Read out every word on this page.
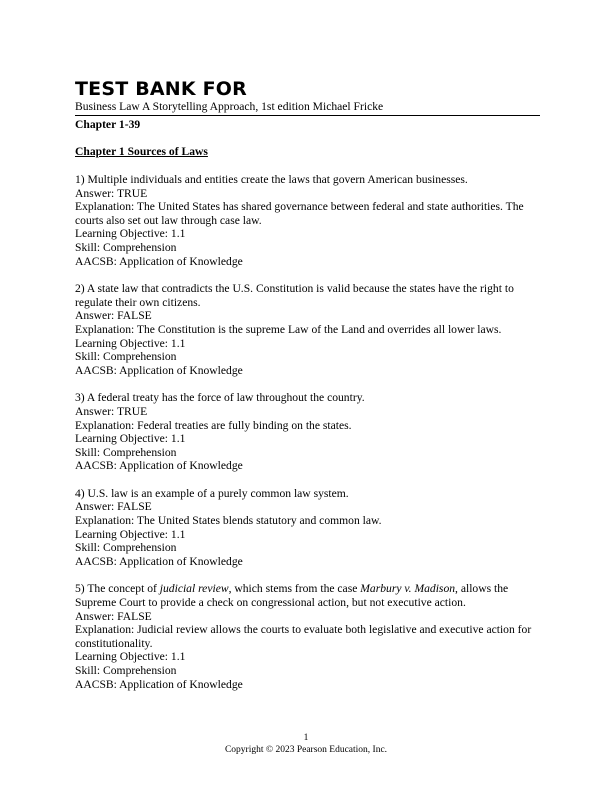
TEST BANK FOR
Business Law A Storytelling Approach, 1st edition Michael Fricke
Chapter 1-39
Chapter 1 Sources of Laws
1) Multiple individuals and entities create the laws that govern American businesses.
Answer: TRUE
Explanation: The United States has shared governance between federal and state authorities. The courts also set out law through case law.
Learning Objective: 1.1
Skill: Comprehension
AACSB: Application of Knowledge
2) A state law that contradicts the U.S. Constitution is valid because the states have the right to regulate their own citizens.
Answer: FALSE
Explanation: The Constitution is the supreme Law of the Land and overrides all lower laws.
Learning Objective: 1.1
Skill: Comprehension
AACSB: Application of Knowledge
3) A federal treaty has the force of law throughout the country.
Answer: TRUE
Explanation: Federal treaties are fully binding on the states.
Learning Objective: 1.1
Skill: Comprehension
AACSB: Application of Knowledge
4) U.S. law is an example of a purely common law system.
Answer: FALSE
Explanation: The United States blends statutory and common law.
Learning Objective: 1.1
Skill: Comprehension
AACSB: Application of Knowledge
5) The concept of judicial review, which stems from the case Marbury v. Madison, allows the Supreme Court to provide a check on congressional action, but not executive action.
Answer: FALSE
Explanation: Judicial review allows the courts to evaluate both legislative and executive action for constitutionality.
Learning Objective: 1.1
Skill: Comprehension
AACSB: Application of Knowledge
1
Copyright © 2023 Pearson Education, Inc.
